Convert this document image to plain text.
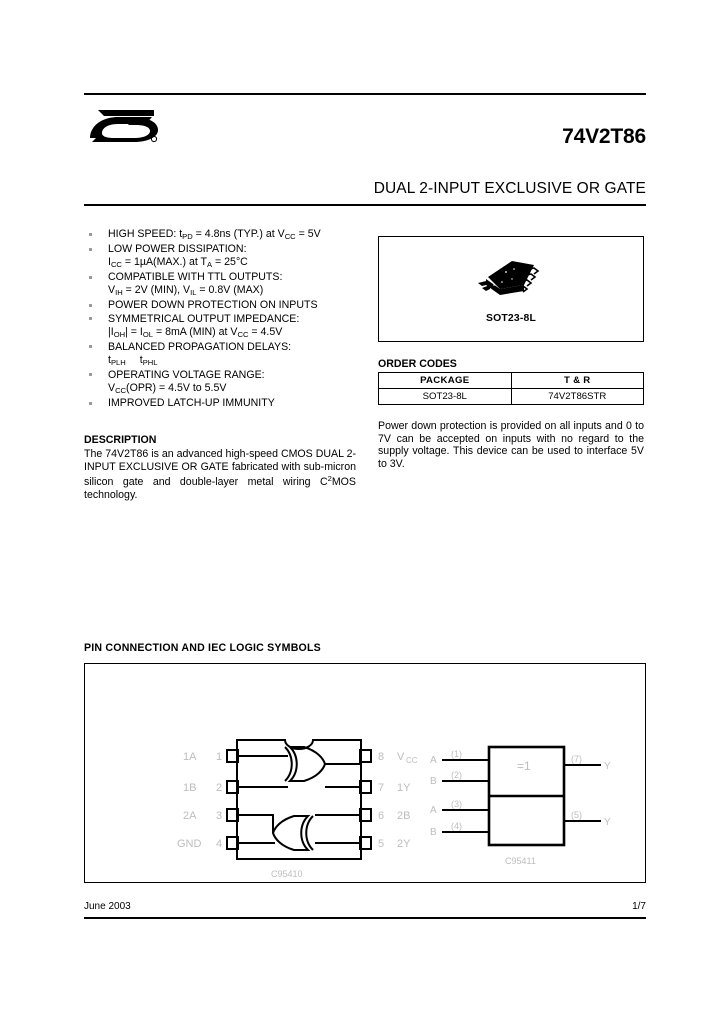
74V2T86
DUAL 2-INPUT EXCLUSIVE OR GATE
HIGH SPEED: $t_{PD} = 4.8ns$ (TYP.) at $V_{CC} = 5V$
LOW POWER DISSIPATION:
$I_{CC} = 1\mu A(MAX.)$ at $T_A = 25^\circ C$
COMPATIBLE WITH TTL OUTPUTS:
$V_{IH} = 2V$ (MIN), $V_{IL} = 0.8V$ (MAX)
POWER DOWN PROTECTION ON INPUTS
SYMMETRICAL OUTPUT IMPEDANCE:
$|I_{OH}| = I_{OL} = 8mA$ (MIN) at $V_{CC} = 4.5V$
BALANCED PROPAGATION DELAYS:
$t_{PLH}$ $t_{PHL}$
OPERATING VOLTAGE RANGE:
$V_{CC}(OPR) = 4.5V$ to 5.5V
IMPROVED LATCH-UP IMMUNITY
DESCRIPTION
The 74V2T86 is an advanced high-speed CMOS DUAL 2-INPUT EXCLUSIVE OR GATE fabricated with sub-micron silicon gate and double-layer metal wiring $C^2MOS$ technology.
SOT23-8L
ORDER CODES
PACKAGE	T & R
SOT23-8L	74V2T86STR
Power down protection is provided on all inputs and 0 to 7V can be accepted on inputs with no regard to the supply voltage. This device can be used to interface 5V to 3V.
PIN CONNECTION AND IEC LOGIC SYMBOLS
1A
1B
2A
GND
1
2
3
4
8
7
6
5
V CC
1Y
2B
2Y
C95410
=1
(1)
(2)
(3)
(4)
A
B
A
B
(7)
(5)
Y
Y
C95411
June 2003	1/7
